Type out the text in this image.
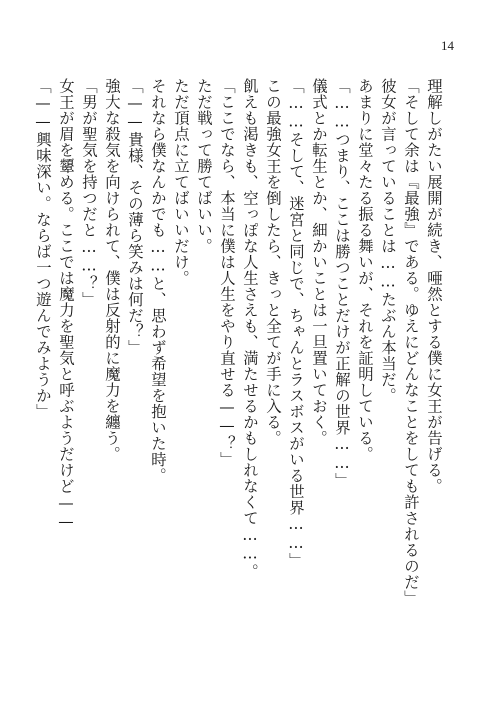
14
理解しがたい展開が続き、唖然とする僕に女王が告げる。
「そして余は『最強』である。ゆえにどんなことをしても許されるのだ」
彼女が言っていることは……たぶん本当だ。
あまりに堂々たる振る舞いが、それを証明している。
「……つまり、ここは勝つことだけが正解の世界……」
儀式とか転生とか、細かいことは一旦置いておく。
「……そして、迷宮と同じで、ちゃんとラスボスがいる世界……」
この最強女王を倒したら、きっと全てが手に入る。
飢えも渇きも、空っぽな人生さえも、満たせるかもしれなくて……。
「ここでなら、本当に僕は人生をやり直せる——？」
ただ戦って勝てばいい。
ただ頂点に立てばいいだけ。
それなら僕なんかでも……と、思わず希望を抱いた時。
「——貴様、その薄ら笑みは何だ？」
強大な殺気を向けられて、僕は反射的に魔力を纏う。
「男が聖気を持つだと……？」
女王が眉を顰める。ここでは魔力を聖気と呼ぶようだけど——
「——興味深い。ならば一つ遊んでみようか」
